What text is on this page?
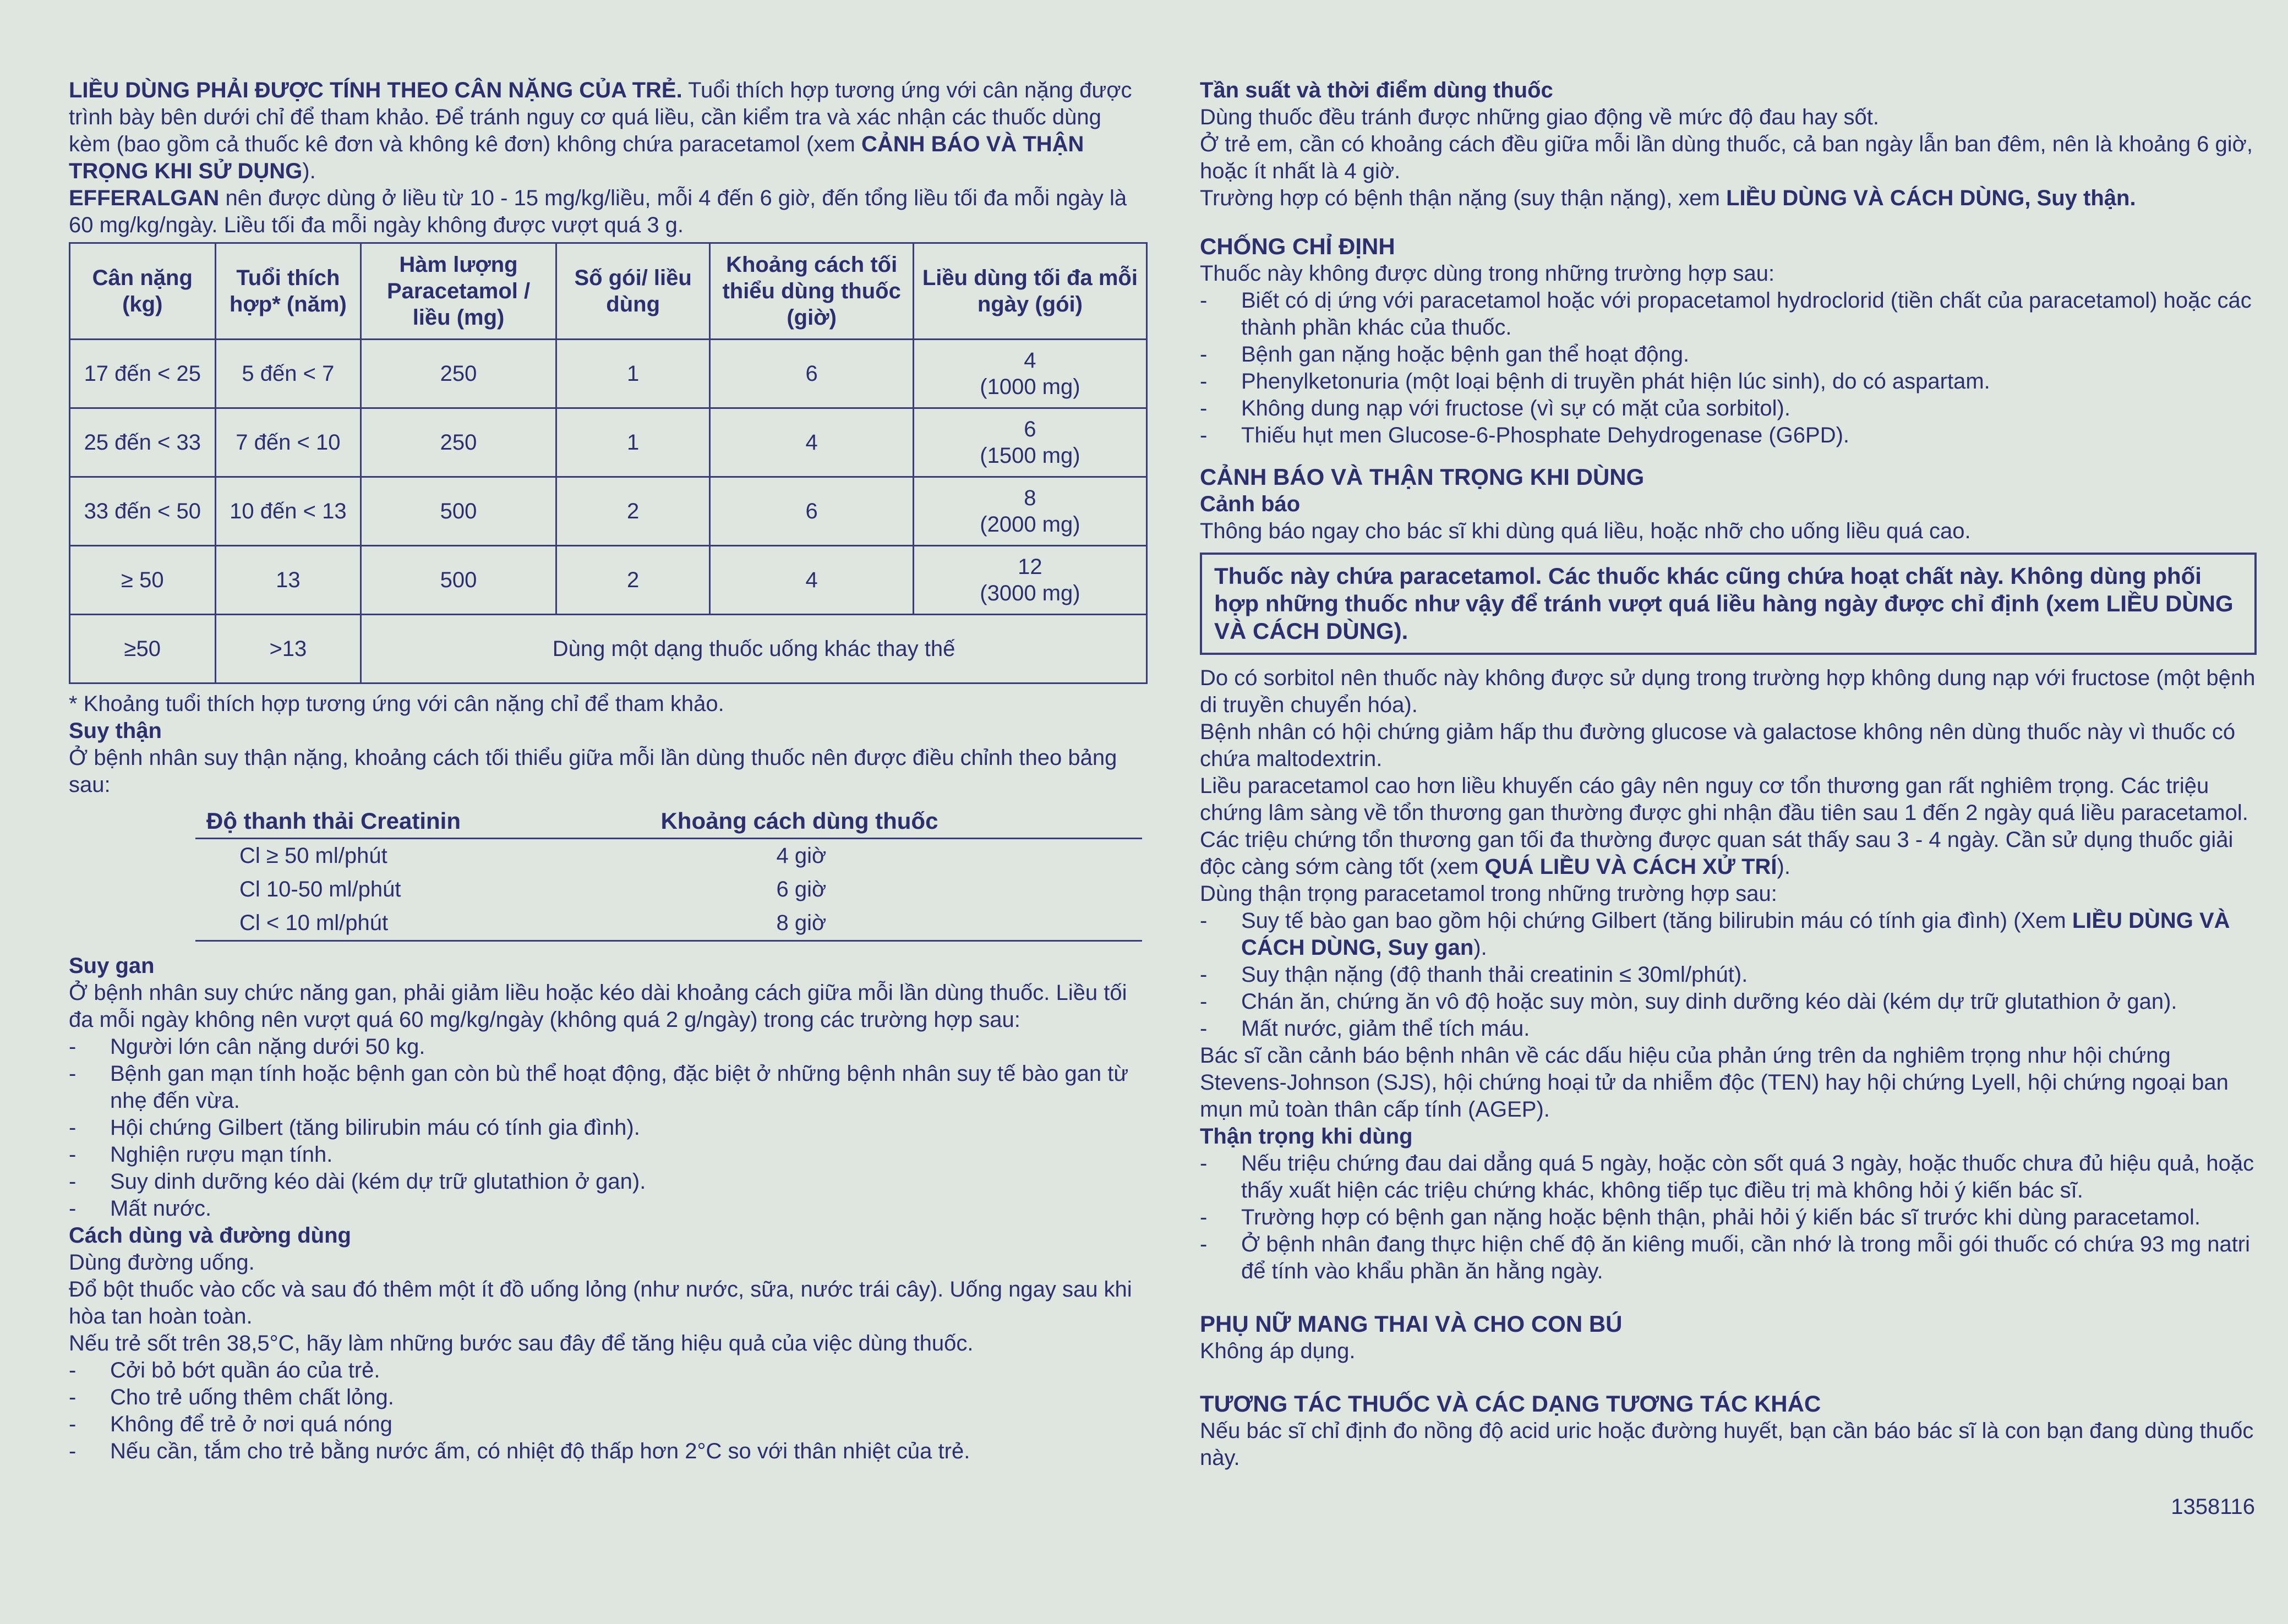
LIỀU DÙNG PHẢI ĐƯỢC TÍNH THEO CÂN NẶNG CỦA TRẺ. Tuổi thích hợp tương ứng với cân nặng được trình bày bên dưới chỉ để tham khảo. Để tránh nguy cơ quá liều, cần kiểm tra và xác nhận các thuốc dùng kèm (bao gồm cả thuốc kê đơn và không kê đơn) không chứa paracetamol (xem CẢNH BÁO VÀ THẬN TRỌNG KHI SỬ DỤNG).

EFFERALGAN nên được dùng ở liều từ 10 - 15 mg/kg/liều, mỗi 4 đến 6 giờ, đến tổng liều tối đa mỗi ngày là 60 mg/kg/ngày. Liều tối đa mỗi ngày không được vượt quá 3 g.

Cân nặng (kg)	Tuổi thích hợp* (năm)	Hàm lượng Paracetamol / liều (mg)	Số gói/ liều dùng	Khoảng cách tối thiểu dùng thuốc (giờ)	Liều dùng tối đa mỗi ngày (gói)
17 đến < 25	5 đến < 7	250	1	6	4
(1000 mg)

25 đến < 33	7 đến < 10	250	1	4	6
(1500 mg)

33 đến < 50	10 đến < 13	500	2	6	8
(2000 mg)

≥ 50	13	500	2	4	12
(3000 mg)

≥50	>13	Dùng một dạng thuốc uống khác thay thế			

* Khoảng tuổi thích hợp tương ứng với cân nặng chỉ để tham khảo.

Suy thận

Ở bệnh nhân suy thận nặng, khoảng cách tối thiểu giữa mỗi lần dùng thuốc nên được điều chỉnh theo bảng sau:

Độ thanh thải Creatinin	Khoảng cách dùng thuốc
Cl ≥ 50 ml/phút	4 giờ
Cl 10-50 ml/phút	6 giờ
Cl < 10 ml/phút	8 giờ

Suy gan

Ở bệnh nhân suy chức năng gan, phải giảm liều hoặc kéo dài khoảng cách giữa mỗi lần dùng thuốc. Liều tối đa mỗi ngày không nên vượt quá 60 mg/kg/ngày (không quá 2 g/ngày) trong các trường hợp sau:

- Người lớn cân nặng dưới 50 kg.
- Bệnh gan mạn tính hoặc bệnh gan còn bù thể hoạt động, đặc biệt ở những bệnh nhân suy tế bào gan từ nhẹ đến vừa.
- Hội chứng Gilbert (tăng bilirubin máu có tính gia đình).
- Nghiện rượu mạn tính.
- Suy dinh dưỡng kéo dài (kém dự trữ glutathion ở gan).
- Mất nước.

Cách dùng và đường dùng

Dùng đường uống.

Đổ bột thuốc vào cốc và sau đó thêm một ít đồ uống lỏng (như nước, sữa, nước trái cây). Uống ngay sau khi hòa tan hoàn toàn.

Nếu trẻ sốt trên 38,5°C, hãy làm những bước sau đây để tăng hiệu quả của việc dùng thuốc.

- Cởi bỏ bớt quần áo của trẻ.
- Cho trẻ uống thêm chất lỏng.
- Không để trẻ ở nơi quá nóng
- Nếu cần, tắm cho trẻ bằng nước ấm, có nhiệt độ thấp hơn 2°C so với thân nhiệt của trẻ.

Tần suất và thời điểm dùng thuốc

Dùng thuốc đều tránh được những giao động về mức độ đau hay sốt.

Ở trẻ em, cần có khoảng cách đều giữa mỗi lần dùng thuốc, cả ban ngày lẫn ban đêm, nên là khoảng 6 giờ, hoặc ít nhất là 4 giờ.

Trường hợp có bệnh thận nặng (suy thận nặng), xem LIỀU DÙNG VÀ CÁCH DÙNG, Suy thận.

CHỐNG CHỈ ĐỊNH

Thuốc này không được dùng trong những trường hợp sau:

- Biết có dị ứng với paracetamol hoặc với propacetamol hydroclorid (tiền chất của paracetamol) hoặc các thành phần khác của thuốc.
- Bệnh gan nặng hoặc bệnh gan thể hoạt động.
- Phenylketonuria (một loại bệnh di truyền phát hiện lúc sinh), do có aspartam.
- Không dung nạp với fructose (vì sự có mặt của sorbitol).
- Thiếu hụt men Glucose-6-Phosphate Dehydrogenase (G6PD).
CẢNH BÁO VÀ THẬN TRỌNG KHI DÙNG

Cảnh báo

Thông báo ngay cho bác sĩ khi dùng quá liều, hoặc nhỡ cho uống liều quá cao.

Thuốc này chứa paracetamol. Các thuốc khác cũng chứa hoạt chất này. Không dùng phối hợp những thuốc như vậy để tránh vượt quá liều hàng ngày được chỉ định (xem LIỀU DÙNG VÀ CÁCH DÙNG).

Do có sorbitol nên thuốc này không được sử dụng trong trường hợp không dung nạp với fructose (một bệnh di truyền chuyển hóa).

Bệnh nhân có hội chứng giảm hấp thu đường glucose và galactose không nên dùng thuốc này vì thuốc có chứa maltodextrin.

Liều paracetamol cao hơn liều khuyến cáo gây nên nguy cơ tổn thương gan rất nghiêm trọng. Các triệu chứng lâm sàng về tổn thương gan thường được ghi nhận đầu tiên sau 1 đến 2 ngày quá liều paracetamol. Các triệu chứng tổn thương gan tối đa thường được quan sát thấy sau 3 - 4 ngày. Cần sử dụng thuốc giải độc càng sớm càng tốt (xem QUÁ LIỀU VÀ CÁCH XỬ TRÍ).

Dùng thận trọng paracetamol trong những trường hợp sau:

- Suy tế bào gan bao gồm hội chứng Gilbert (tăng bilirubin máu có tính gia đình) (Xem LIỀU DÙNG VÀ CÁCH DÙNG, Suy gan).
- Suy thận nặng (độ thanh thải creatinin ≤ 30ml/phút).
- Chán ăn, chứng ăn vô độ hoặc suy mòn, suy dinh dưỡng kéo dài (kém dự trữ glutathion ở gan).
- Mất nước, giảm thể tích máu.

Bác sĩ cần cảnh báo bệnh nhân về các dấu hiệu của phản ứng trên da nghiêm trọng như hội chứng Stevens-Johnson (SJS), hội chứng hoại tử da nhiễm độc (TEN) hay hội chứng Lyell, hội chứng ngoại ban mụn mủ toàn thân cấp tính (AGEP).

Thận trọng khi dùng

- Nếu triệu chứng đau dai dẳng quá 5 ngày, hoặc còn sốt quá 3 ngày, hoặc thuốc chưa đủ hiệu quả, hoặc thấy xuất hiện các triệu chứng khác, không tiếp tục điều trị mà không hỏi ý kiến bác sĩ.
- Trường hợp có bệnh gan nặng hoặc bệnh thận, phải hỏi ý kiến bác sĩ trước khi dùng paracetamol.
- Ở bệnh nhân đang thực hiện chế độ ăn kiêng muối, cần nhớ là trong mỗi gói thuốc có chứa 93 mg natri để tính vào khẩu phần ăn hằng ngày.
PHỤ NỮ MANG THAI VÀ CHO CON BÚ

Không áp dụng.

TƯƠNG TÁC THUỐC VÀ CÁC DẠNG TƯƠNG TÁC KHÁC

Nếu bác sĩ chỉ định đo nồng độ acid uric hoặc đường huyết, bạn cần báo bác sĩ là con bạn đang dùng thuốc này.

1358116
